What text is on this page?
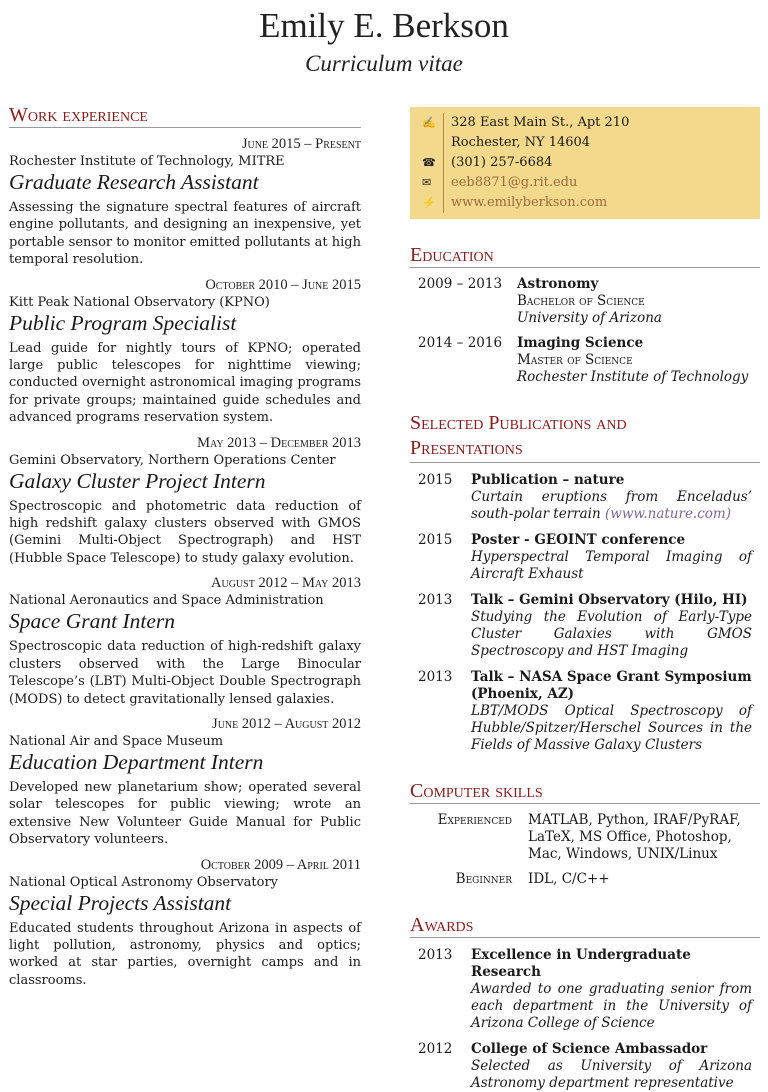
Emily E. Berkson
Curriculum vitae
Work experience
June 2015 – Present
Rochester Institute of Technology, MITRE
Graduate Research Assistant
Assessing the signature spectral features of aircraft engine pollutants, and designing an inexpensive, yet portable sensor to monitor emitted pollutants at high temporal resolution.
October 2010 – June 2015
Kitt Peak National Observatory (KPNO)
Public Program Specialist
Lead guide for nightly tours of KPNO; operated large public telescopes for nighttime viewing; conducted overnight astronomical imaging programs for private groups; maintained guide schedules and advanced programs reservation system.
May 2013 – December 2013
Gemini Observatory, Northern Operations Center
Galaxy Cluster Project Intern
Spectroscopic and photometric data reduction of high redshift galaxy clusters observed with GMOS (Gemini Multi-Object Spectrograph) and HST (Hubble Space Telescope) to study galaxy evolution.
August 2012 – May 2013
National Aeronautics and Space Administration
Space Grant Intern
Spectroscopic data reduction of high-redshift galaxy clusters observed with the Large Binocular Telescope’s (LBT) Multi-Object Double Spectrograph (MODS) to detect gravitationally lensed galaxies.
June 2012 – August 2012
National Air and Space Museum
Education Department Intern
Developed new planetarium show; operated several solar telescopes for public viewing; wrote an extensive New Volunteer Guide Manual for Public Observatory volunteers.
October 2009 – April 2011
National Optical Astronomy Observatory
Special Projects Assistant
Educated students throughout Arizona in aspects of light pollution, astronomy, physics and optics; worked at star parties, overnight camps and in classrooms.
✍	328 East Main St., Apt 210
Rochester, NY 14604
☎	(301) 257-6684
✉	eeb8871@g.rit.edu
⚡	www.emilyberkson.com
Education
2009 – 2013	Astronomy
Bachelor of Science
University of Arizona
2014 – 2016	Imaging Science
Master of Science
Rochester Institute of Technology
Selected Publications and
Presentations
2015	Publication – nature
Curtain eruptions from Enceladus’ south-polar terrain (www.nature.com)
2015	Poster - GEOINT conference
Hyperspectral Temporal Imaging of Aircraft Exhaust
2013	Talk – Gemini Observatory (Hilo, HI)
Studying the Evolution of Early-Type Cluster Galaxies with GMOS Spectroscopy and HST Imaging
2013	Talk – NASA Space Grant Symposium (Phoenix, AZ)
LBT/MODS Optical Spectroscopy of Hubble/Spitzer/Herschel Sources in the Fields of Massive Galaxy Clusters
Computer skills
Experienced	MATLAB, Python, IRAF/PyRAF, LaTeX, MS Office, Photoshop, Mac, Windows, UNIX/Linux
Beginner	IDL, C/C++
Awards
2013	Excellence in Undergraduate Research
Awarded to one graduating senior from each department in the University of Arizona College of Science
2012	College of Science Ambassador
Selected as University of Arizona Astronomy department representative
